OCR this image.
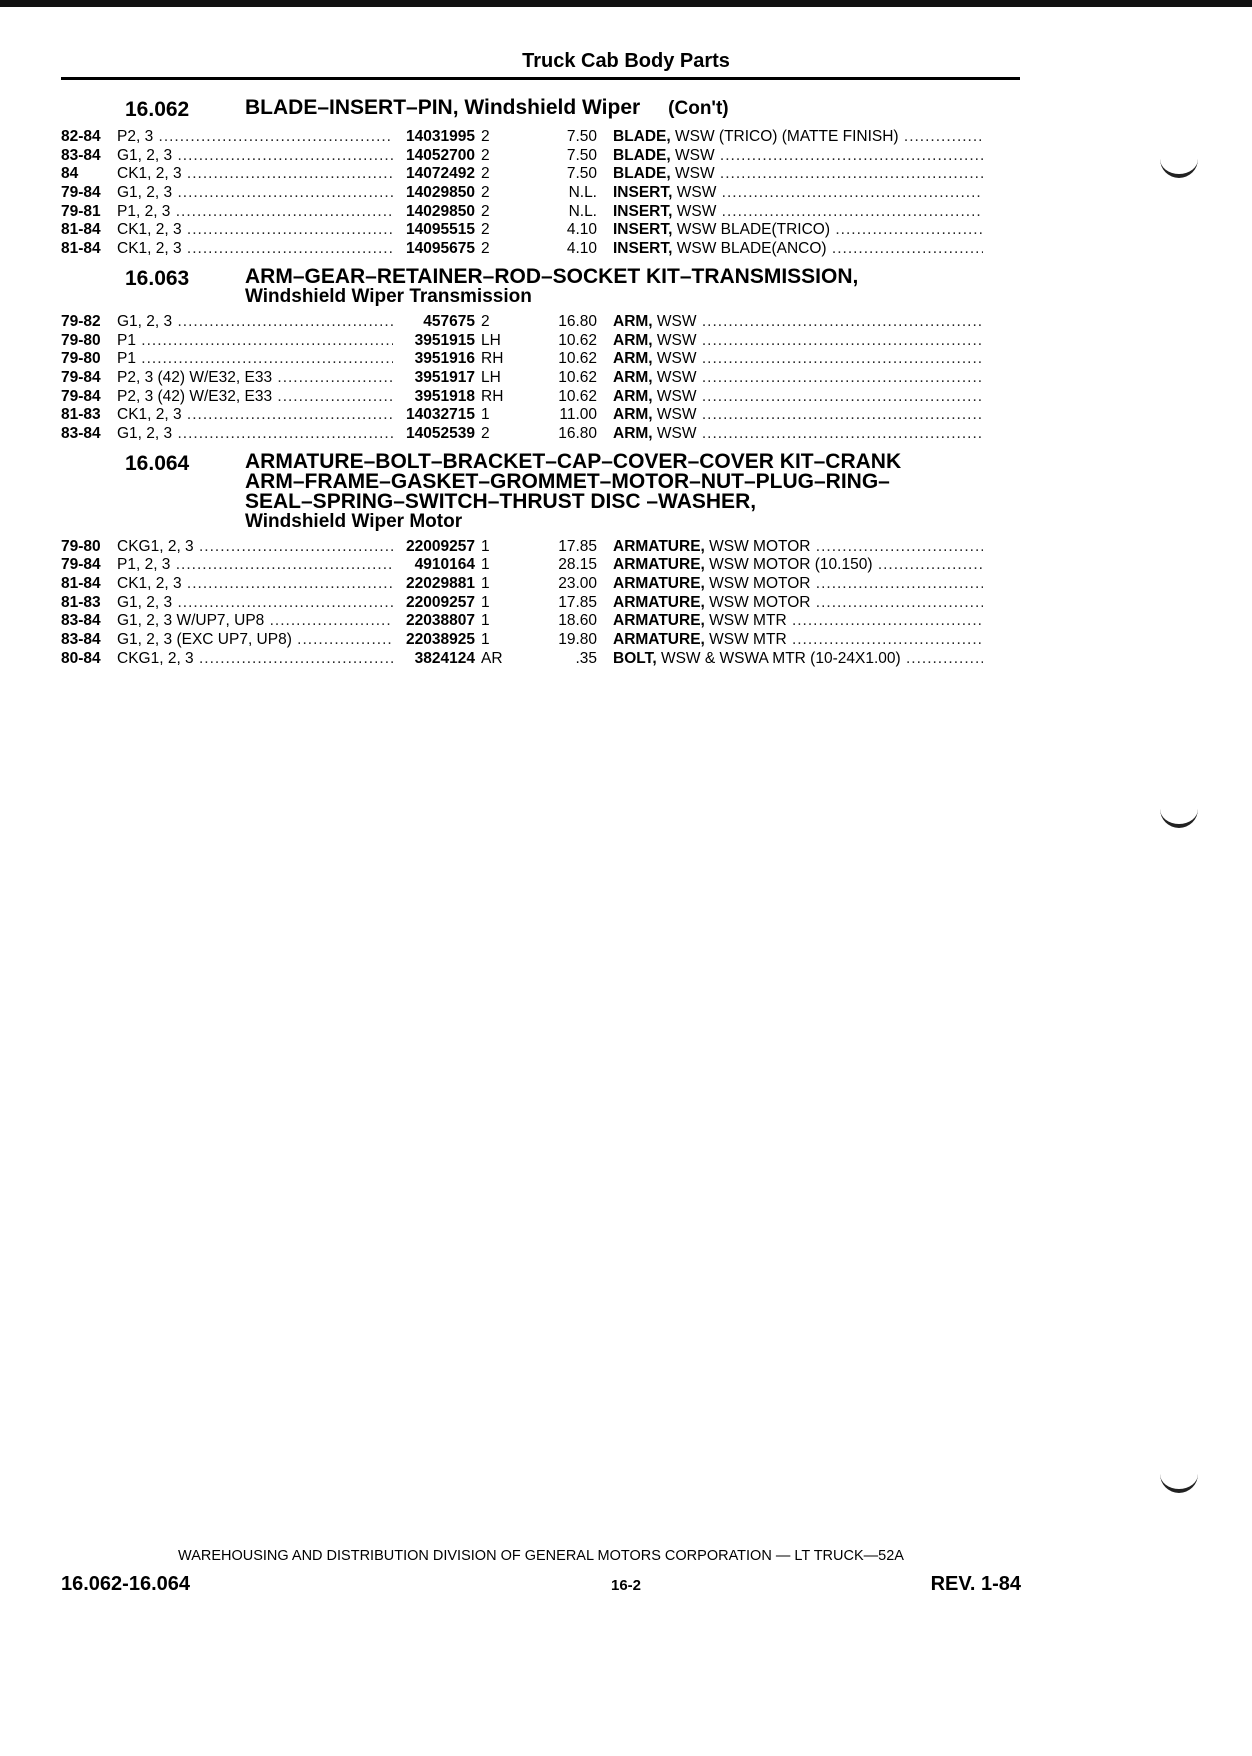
Truck Cab Body Parts
16.062	BLADE–INSERT–PIN, Windshield Wiper (Con't)
82-84	P2, 3 .....	14031995 2	7.50	BLADE, WSW (TRICO) (MATTE FINISH) .....
83-84	G1, 2, 3 .....	14052700 2	7.50	BLADE, WSW .....
84	CK1, 2, 3 .....	14072492 2	7.50	BLADE, WSW .....
79-84	G1, 2, 3 .....	14029850 2	N.L.	INSERT, WSW .....
79-81	P1, 2, 3 .....	14029850 2	N.L.	INSERT, WSW .....
81-84	CK1, 2, 3 .....	14095515 2	4.10	INSERT, WSW BLADE(TRICO) .....
81-84	CK1, 2, 3 .....	14095675 2	4.10	INSERT, WSW BLADE(ANCO) .....
16.063	ARM–GEAR–RETAINER–ROD–SOCKET KIT–TRANSMISSION,
Windshield Wiper Transmission
79-82	G1, 2, 3 .....	457675 2	16.80	ARM, WSW .....
79-80	P1 .....	3951915 LH	10.62	ARM, WSW .....
79-80	P1 .....	3951916 RH	10.62	ARM, WSW .....
79-84	P2, 3 (42) W/E32, E33 .....	3951917 LH	10.62	ARM, WSW .....
79-84	P2, 3 (42) W/E32, E33 .....	3951918 RH	10.62	ARM, WSW .....
81-83	CK1, 2, 3 .....	14032715 1	11.00	ARM, WSW .....
83-84	G1, 2, 3 .....	14052539 2	16.80	ARM, WSW .....
16.064	ARMATURE–BOLT–BRACKET–CAP–COVER–COVER KIT–CRANK ARM–FRAME–GASKET–GROMMET–MOTOR–NUT–PLUG–RING–SEAL–SPRING–SWITCH–THRUST DISC –WASHER,
Windshield Wiper Motor
79-80	CKG1, 2, 3 .....	22009257 1	17.85	ARMATURE, WSW MOTOR .....
79-84	P1, 2, 3 .....	4910164 1	28.15	ARMATURE, WSW MOTOR (10.150) .....
81-84	CK1, 2, 3 .....	22029881 1	23.00	ARMATURE, WSW MOTOR .....
81-83	G1, 2, 3 .....	22009257 1	17.85	ARMATURE, WSW MOTOR .....
83-84	G1, 2, 3 W/UP7, UP8 .....	22038807 1	18.60	ARMATURE, WSW MTR .....
83-84	G1, 2, 3 (EXC UP7, UP8) .....	22038925 1	19.80	ARMATURE, WSW MTR .....
80-84	CKG1, 2, 3 .....	3824124 AR	.35	BOLT, WSW & WSWA MTR (10-24X1.00) .....
WAREHOUSING AND DISTRIBUTION DIVISION OF GENERAL MOTORS CORPORATION — LT TRUCK—52A
16.062-16.064	16-2	REV. 1-84
